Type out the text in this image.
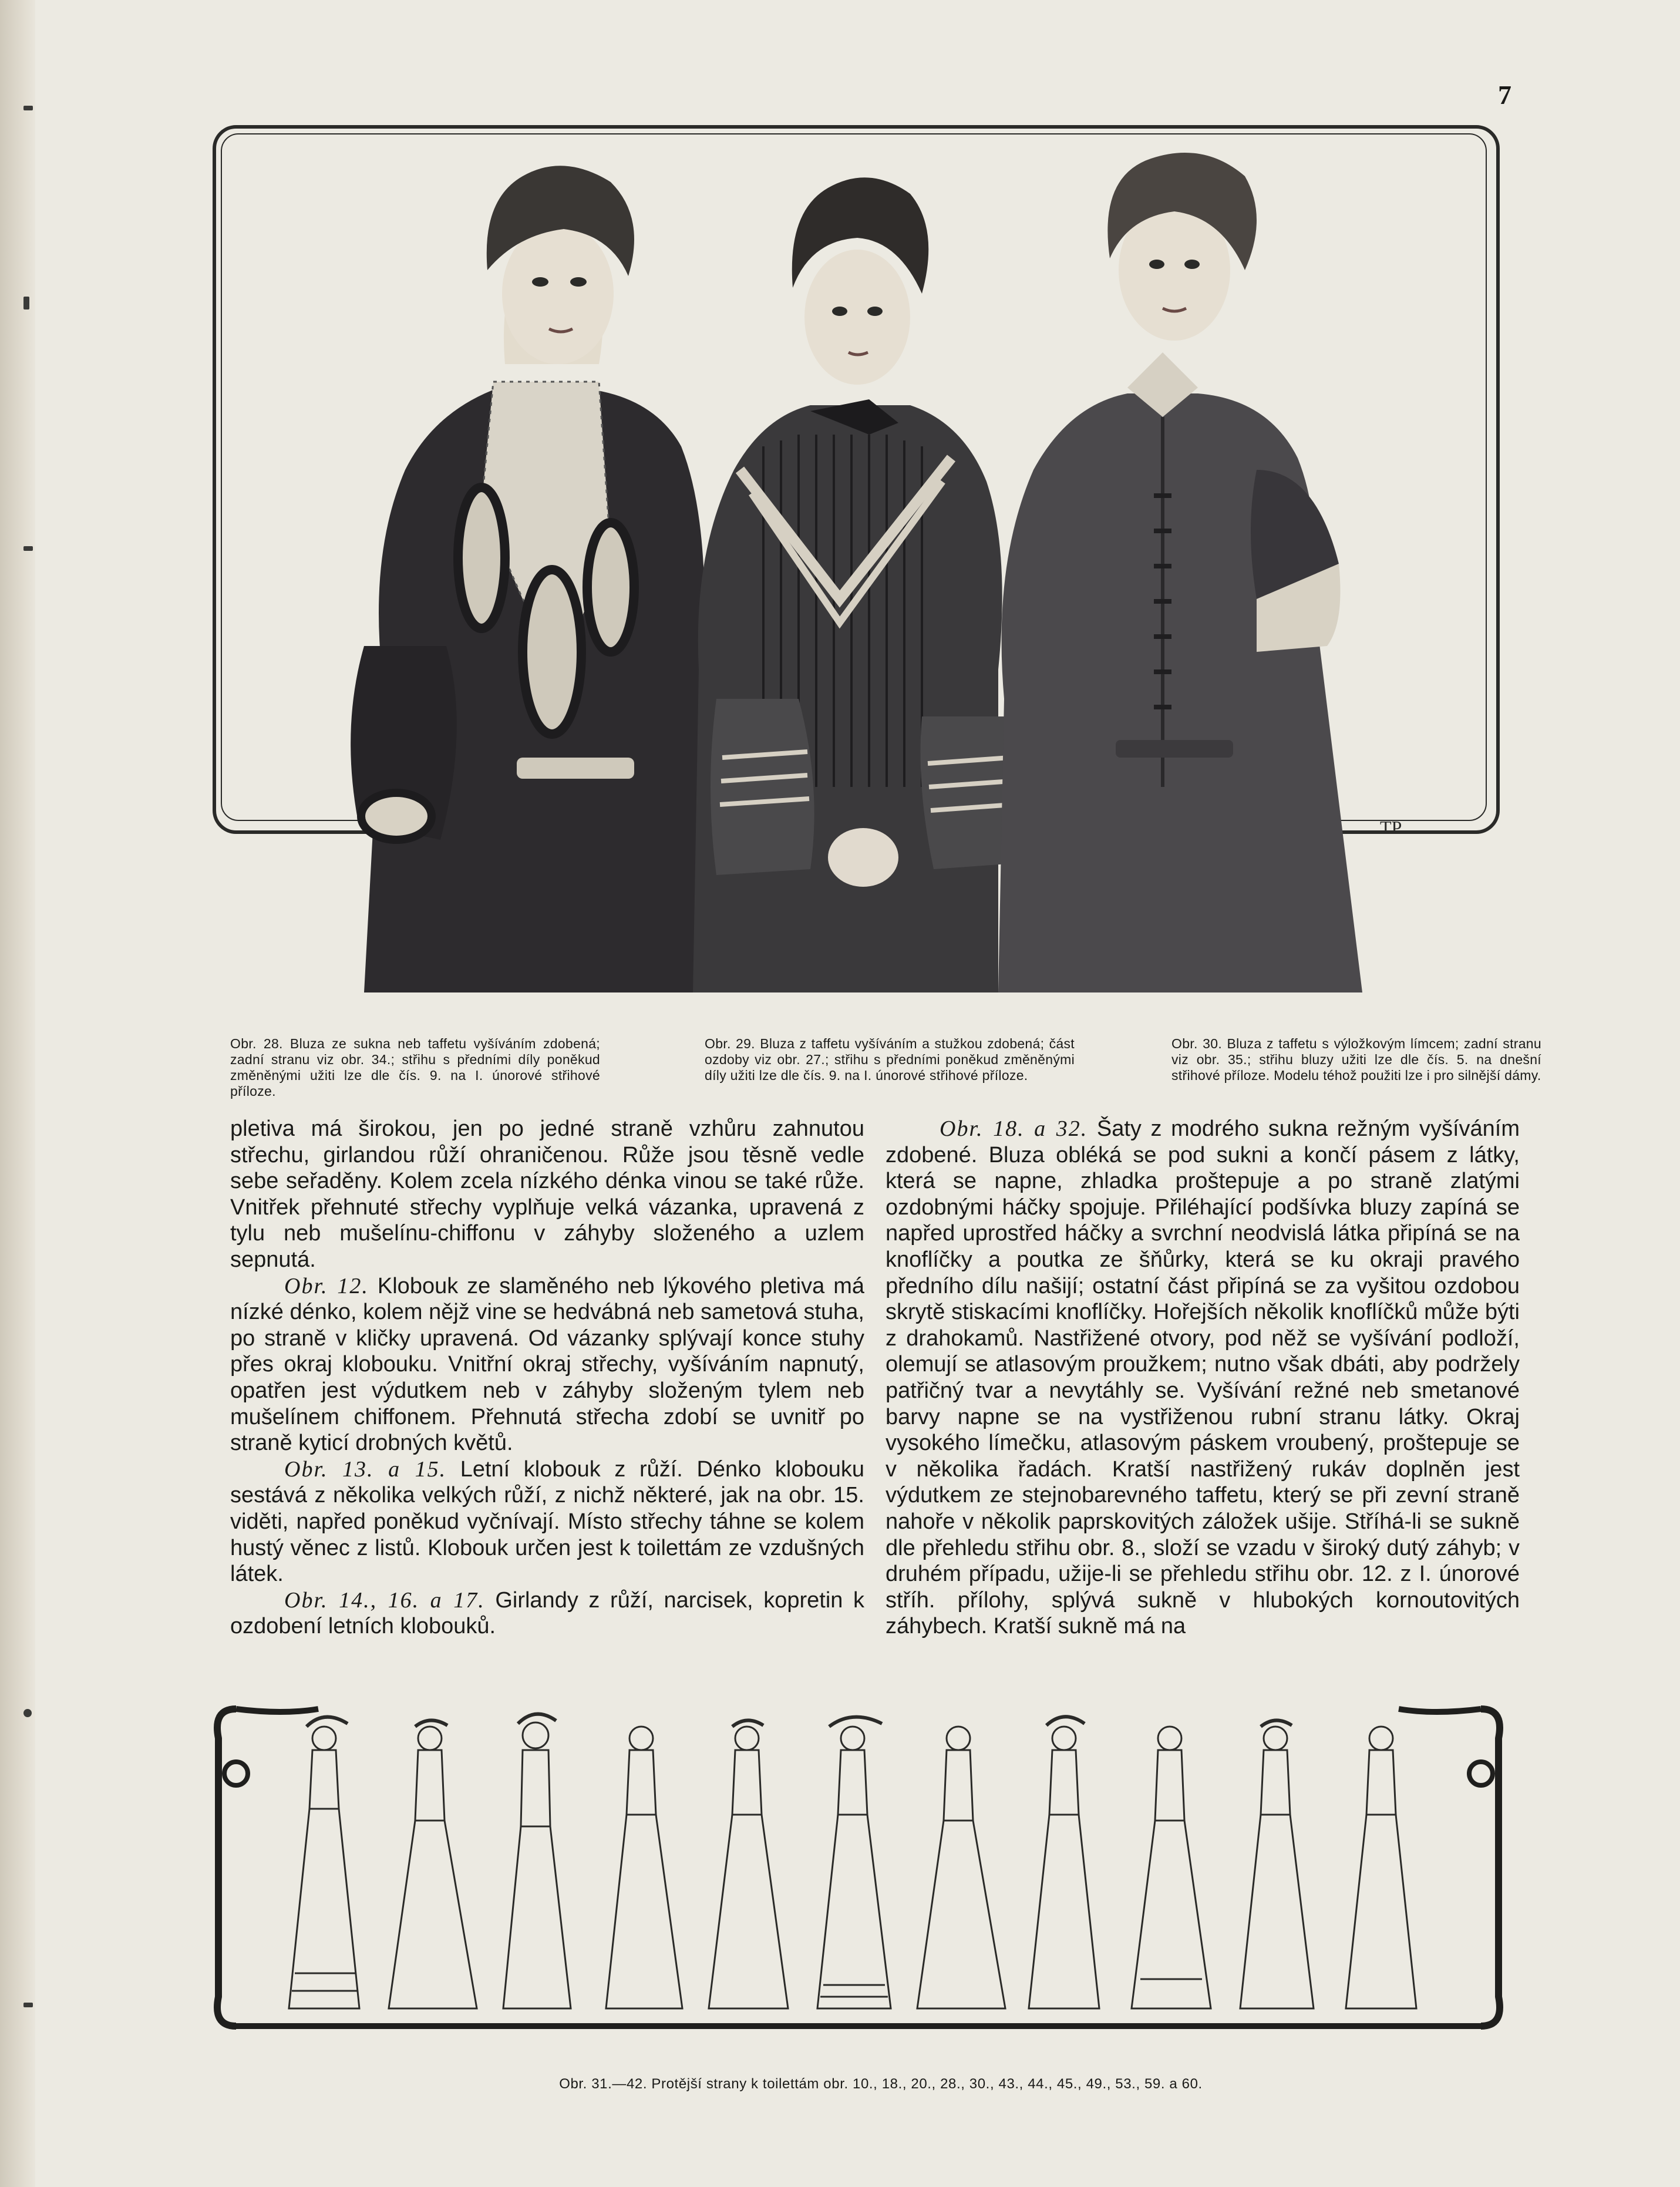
7
TP
Obr. 28. Bluza ze sukna neb taffetu vyšíváním zdobená; zadní stranu viz obr. 34.; střihu s předními díly poněkud změněnými užiti lze dle čís. 9. na I. únorové střihové příloze.
Obr. 29. Bluza z taffetu vyšíváním a stužkou zdobená; část ozdoby viz obr. 27.; střihu s předními poněkud změněnými díly užiti lze dle čís. 9. na I. únorové střihové příloze.
Obr. 30. Bluza z taffetu s výložkovým límcem; zadní stranu viz obr. 35.; střihu bluzy užiti lze dle čís. 5. na dnešní střihové příloze. Modelu téhož použiti lze i pro silnější dámy.

pletiva má širokou, jen po jedné straně vzhůru zahnutou střechu, girlandou růží ohraničenou. Růže jsou těsně vedle sebe seřaděny. Kolem zcela nízkého dénka vinou se také růže. Vnitřek přehnuté střechy vyplňuje velká vázanka, upravená z tylu neb mušelínu-chiffonu v záhyby složeného a uzlem sepnutá.

Obr. 12. Klobouk ze slaměného neb lýkového pletiva má nízké dénko, kolem nějž vine se hedvábná neb sametová stuha, po straně v kličky upravená. Od vázanky splývají konce stuhy přes okraj klobouku. Vnitřní okraj střechy, vyšíváním napnutý, opatřen jest výdutkem neb v záhyby složeným tylem neb mušelínem chiffonem. Přehnutá střecha zdobí se uvnitř po straně kyticí drobných květů.

Obr. 13. a 15. Letní klobouk z růží. Dénko klobouku sestává z několika velkých růží, z nichž některé, jak na obr. 15. viděti, napřed poněkud vyčnívají. Místo střechy táhne se kolem hustý věnec z listů. Klobouk určen jest k toilettám ze vzdušných látek.

Obr. 14., 16. a 17. Girlandy z růží, narcisek, kopretin k ozdobení letních klobouků.

Obr. 18. a 32. Šaty z modrého sukna režným vyšíváním zdobené. Bluza obléká se pod sukni a končí pásem z látky, která se napne, zhladka proštepuje a po straně zlatými ozdobnými háčky spojuje. Přiléhající podšívka bluzy zapíná se napřed uprostřed háčky a svrchní neodvislá látka připíná se na knoflíčky a poutka ze šňůrky, která se ku okraji pravého předního dílu našijí; ostatní část připíná se za vyšitou ozdobou skrytě stiskacími knoflíčky. Hořejších několik knoflíčků může býti z drahokamů. Nastřižené otvory, pod něž se vyšívání podloží, olemují se atlasovým proužkem; nutno však dbáti, aby podržely patřičný tvar a nevytáhly se. Vyšívání režné neb smetanové barvy napne se na vystřiženou rubní stranu látky. Okraj vysokého límečku, atlasovým páskem vroubený, proštepuje se v několika řadách. Kratší nastřižený rukáv doplněn jest výdutkem ze stejnobarevného taffetu, který se při zevní straně nahoře v několik paprskovitých záložek ušije. Stříhá-li se sukně dle přehledu střihu obr. 8., složí se vzadu v široký dutý záhyb; v druhém případu, užije-li se přehledu střihu obr. 12. z I. únorové stříh. přílohy, splývá sukně v hlubokých kornoutovitých záhybech. Kratší sukně má na

Obr. 31.—42. Protější strany k toilettám obr. 10., 18., 20., 28., 30., 43., 44., 45., 49., 53., 59. a 60.
